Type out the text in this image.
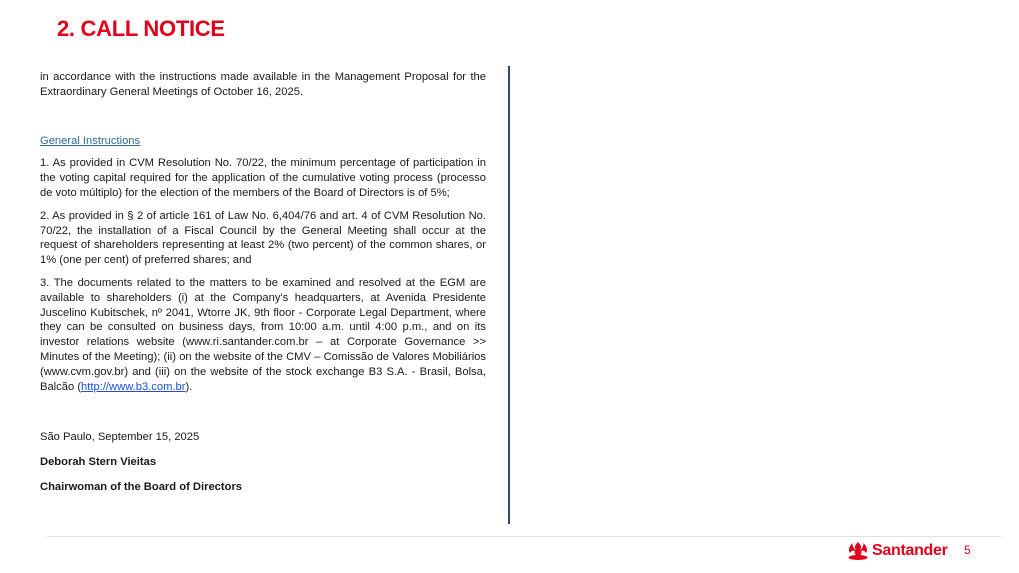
2. CALL NOTICE

in accordance with the instructions made available in the Management Proposal for the Extraordinary General Meetings of October 16, 2025.

General Instructions

1. As provided in CVM Resolution No. 70/22, the minimum percentage of participation in the voting capital required for the application of the cumulative voting process (processo de voto múltiplo) for the election of the members of the Board of Directors is of 5%;

2. As provided in § 2 of article 161 of Law No. 6,404/76 and art. 4 of CVM Resolution No. 70/22, the installation of a Fiscal Council by the General Meeting shall occur at the request of shareholders representing at least 2% (two percent) of the common shares, or 1% (one per cent) of preferred shares; and

3. The documents related to the matters to be examined and resolved at the EGM are available to shareholders (i) at the Company's headquarters, at Avenida Presidente Juscelino Kubitschek, nº 2041, Wtorre JK, 9th floor - Corporate Legal Department, where they can be consulted on business days, from 10:00 a.m. until 4:00 p.m., and on its investor relations website (www.ri.santander.com.br – at Corporate Governance >> Minutes of the Meeting); (ii) on the website of the CMV – Comissão de Valores Mobiliários (www.cvm.gov.br) and (iii) on the website of the stock exchange B3 S.A. - Brasil, Bolsa, Balcão (http://www.b3.com.br).

São Paulo, September 15, 2025

Deborah Stern Vieitas

Chairwoman of the Board of Directors

Santander 5
